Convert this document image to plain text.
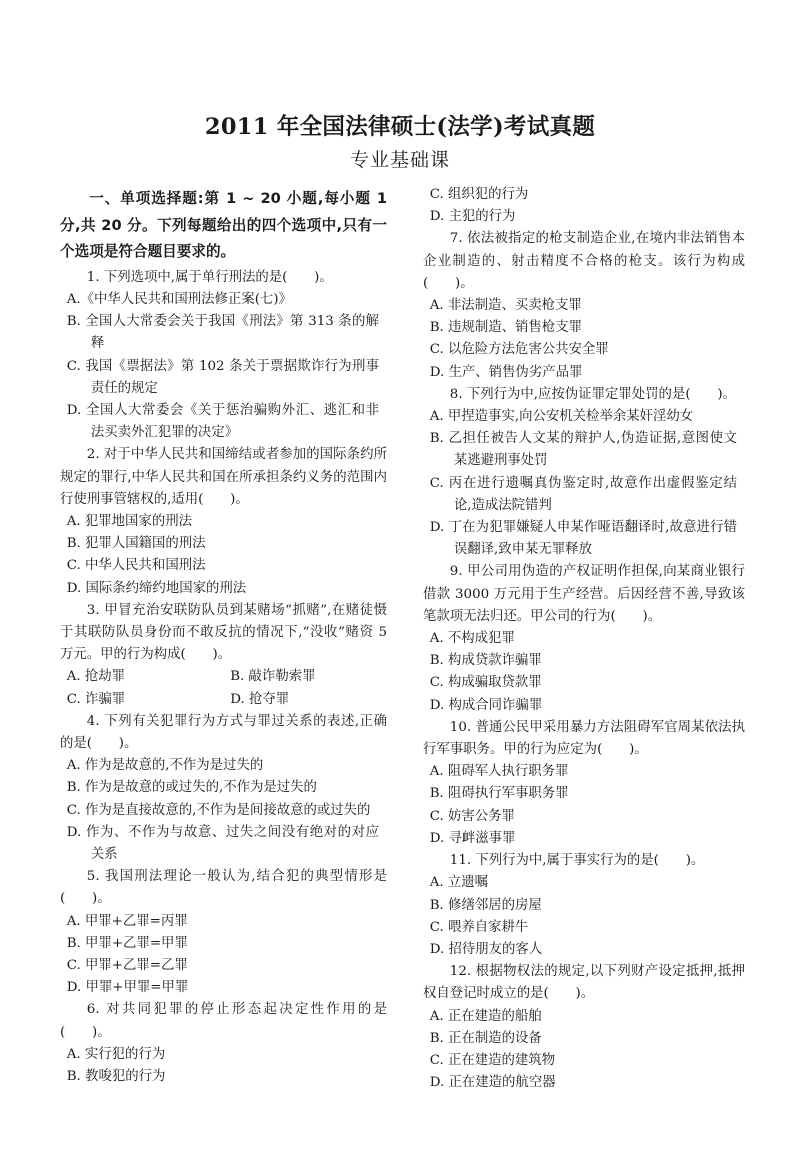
2011 年全国法律硕士(法学)考试真题
专业基础课

一、单项选择题:第 1 ~ 20 小题,每小题 1 分,共 20 分。下列每题给出的四个选项中,只有一个选项是符合题目要求的。

1. 下列选项中,属于单行刑法的是(　　)。

A.《中华人民共和国刑法修正案(七)》

B. 全国人大常委会关于我国《刑法》第 313 条的解释

C. 我国《票据法》第 102 条关于票据欺诈行为刑事责任的规定

D. 全国人大常委会《关于惩治骗购外汇、逃汇和非法买卖外汇犯罪的决定》

2. 对于中华人民共和国缔结或者参加的国际条约所规定的罪行,中华人民共和国在所承担条约义务的范围内行使刑事管辖权的,适用(　　)。

A. 犯罪地国家的刑法

B. 犯罪人国籍国的刑法

C. 中华人民共和国刑法

D. 国际条约缔约地国家的刑法

3. 甲冒充治安联防队员到某赌场“抓赌”,在赌徒慑于其联防队员身份而不敢反抗的情况下,“没收”赌资 5 万元。甲的行为构成(　　)。

A. 抢劫罪	B. 敲诈勒索罪
C. 诈骗罪	D. 抢夺罪

4. 下列有关犯罪行为方式与罪过关系的表述,正确的是(　　)。

A. 作为是故意的,不作为是过失的

B. 作为是故意的或过失的,不作为是过失的

C. 作为是直接故意的,不作为是间接故意的或过失的

D. 作为、不作为与故意、过失之间没有绝对的对应关系

5. 我国刑法理论一般认为,结合犯的典型情形是(　　)。

A. 甲罪+乙罪=丙罪

B. 甲罪+乙罪=甲罪

C. 甲罪+乙罪=乙罪

D. 甲罪+甲罪=甲罪

6. 对共同犯罪的停止形态起决定性作用的是(　　)。

A. 实行犯的行为

B. 教唆犯的行为

C. 组织犯的行为

D. 主犯的行为

7. 依法被指定的枪支制造企业,在境内非法销售本企业制造的、射击精度不合格的枪支。该行为构成(　　)。

A. 非法制造、买卖枪支罪

B. 违规制造、销售枪支罪

C. 以危险方法危害公共安全罪

D. 生产、销售伪劣产品罪

8. 下列行为中,应按伪证罪定罪处罚的是(　　)。

A. 甲捏造事实,向公安机关检举余某奸淫幼女

B. 乙担任被告人文某的辩护人,伪造证据,意图使文某逃避刑事处罚

C. 丙在进行遗嘱真伪鉴定时,故意作出虚假鉴定结论,造成法院错判

D. 丁在为犯罪嫌疑人申某作哑语翻译时,故意进行错误翻译,致申某无罪释放

9. 甲公司用伪造的产权证明作担保,向某商业银行借款 3000 万元用于生产经营。后因经营不善,导致该笔款项无法归还。甲公司的行为(　　)。

A. 不构成犯罪

B. 构成贷款诈骗罪

C. 构成骗取贷款罪

D. 构成合同诈骗罪

10. 普通公民甲采用暴力方法阻碍军官周某依法执行军事职务。甲的行为应定为(　　)。

A. 阻碍军人执行职务罪

B. 阻碍执行军事职务罪

C. 妨害公务罪

D. 寻衅滋事罪

11. 下列行为中,属于事实行为的是(　　)。

A. 立遗嘱

B. 修缮邻居的房屋

C. 喂养自家耕牛

D. 招待朋友的客人

12. 根据物权法的规定,以下列财产设定抵押,抵押权自登记时成立的是(　　)。

A. 正在建造的船舶

B. 正在制造的设备

C. 正在建造的建筑物

D. 正在建造的航空器
